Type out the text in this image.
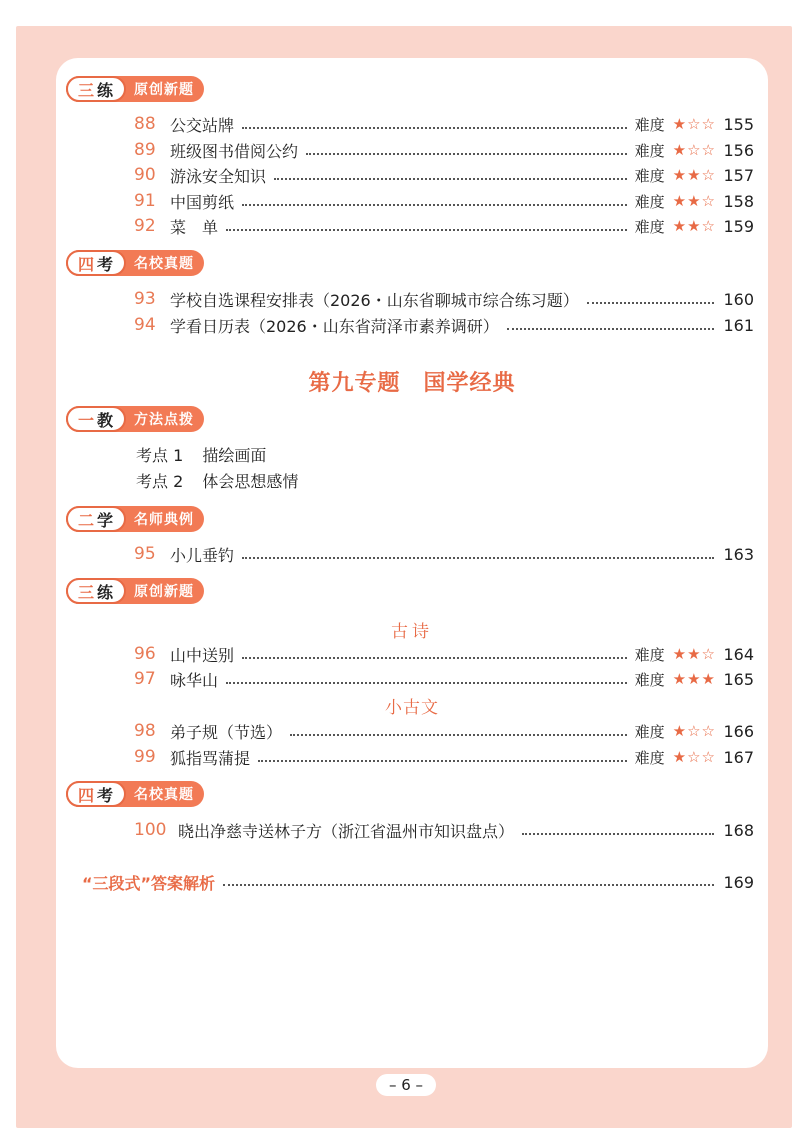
三 练 原创新题
88 公交站牌	难度 ★☆☆ 155
89 班级图书借阅公约	难度 ★☆☆ 156
90 游泳安全知识	难度 ★★☆ 157
91 中国剪纸	难度 ★★☆ 158
92 菜　单	难度 ★★☆ 159
四 考 名校真题
93 学校自选课程安排表（2026・山东省聊城市综合练习题）	160
94 学看日历表（2026・山东省菏泽市素养调研）	161
第九专题　国学经典
一 教 方法点拨
考点 1 描绘画面
考点 2 体会思想感情
二 学 名师典例
95 小儿垂钓	163
三 练 原创新题
古诗
96 山中送别	难度 ★★☆ 164
97 咏华山	难度 ★★★ 165
小古文
98 弟子规（节选）	难度 ★☆☆ 166
99 狐指骂蒲提	难度 ★☆☆ 167
四 考 名校真题
100 晓出净慈寺送林子方（浙江省温州市知识盘点）	168
“三段式”答案解析	169
– 6 –
